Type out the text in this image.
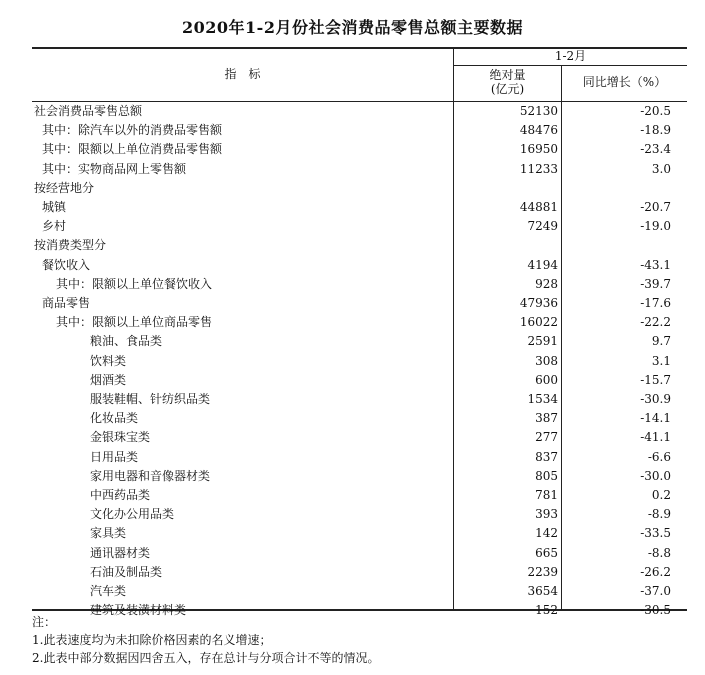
2020年1-2月份社会消费品零售总额主要数据
指　标
1-2月
绝对量
(亿元)	同比增长（%）
社会消费品零售总额	52130	-20.5
其中：除汽车以外的消费品零售额	48476	-18.9
其中：限额以上单位消费品零售额	16950	-23.4
其中：实物商品网上零售额	11233	3.0
按经营地分
城镇	44881	-20.7
乡村	7249	-19.0
按消费类型分
餐饮收入	4194	-43.1
其中：限额以上单位餐饮收入	928	-39.7
商品零售	47936	-17.6
其中：限额以上单位商品零售	16022	-22.2
粮油、食品类	2591	9.7
饮料类	308	3.1
烟酒类	600	-15.7
服装鞋帽、针纺织品类	1534	-30.9
化妆品类	387	-14.1
金银珠宝类	277	-41.1
日用品类	837	-6.6
家用电器和音像器材类	805	-30.0
中西药品类	781	0.2
文化办公用品类	393	-8.9
家具类	142	-33.5
通讯器材类	665	-8.8
石油及制品类	2239	-26.2
汽车类	3654	-37.0
建筑及装潢材料类	152	-30.5
注：
1.此表速度均为未扣除价格因素的名义增速；
2.此表中部分数据因四舍五入，存在总计与分项合计不等的情况。
